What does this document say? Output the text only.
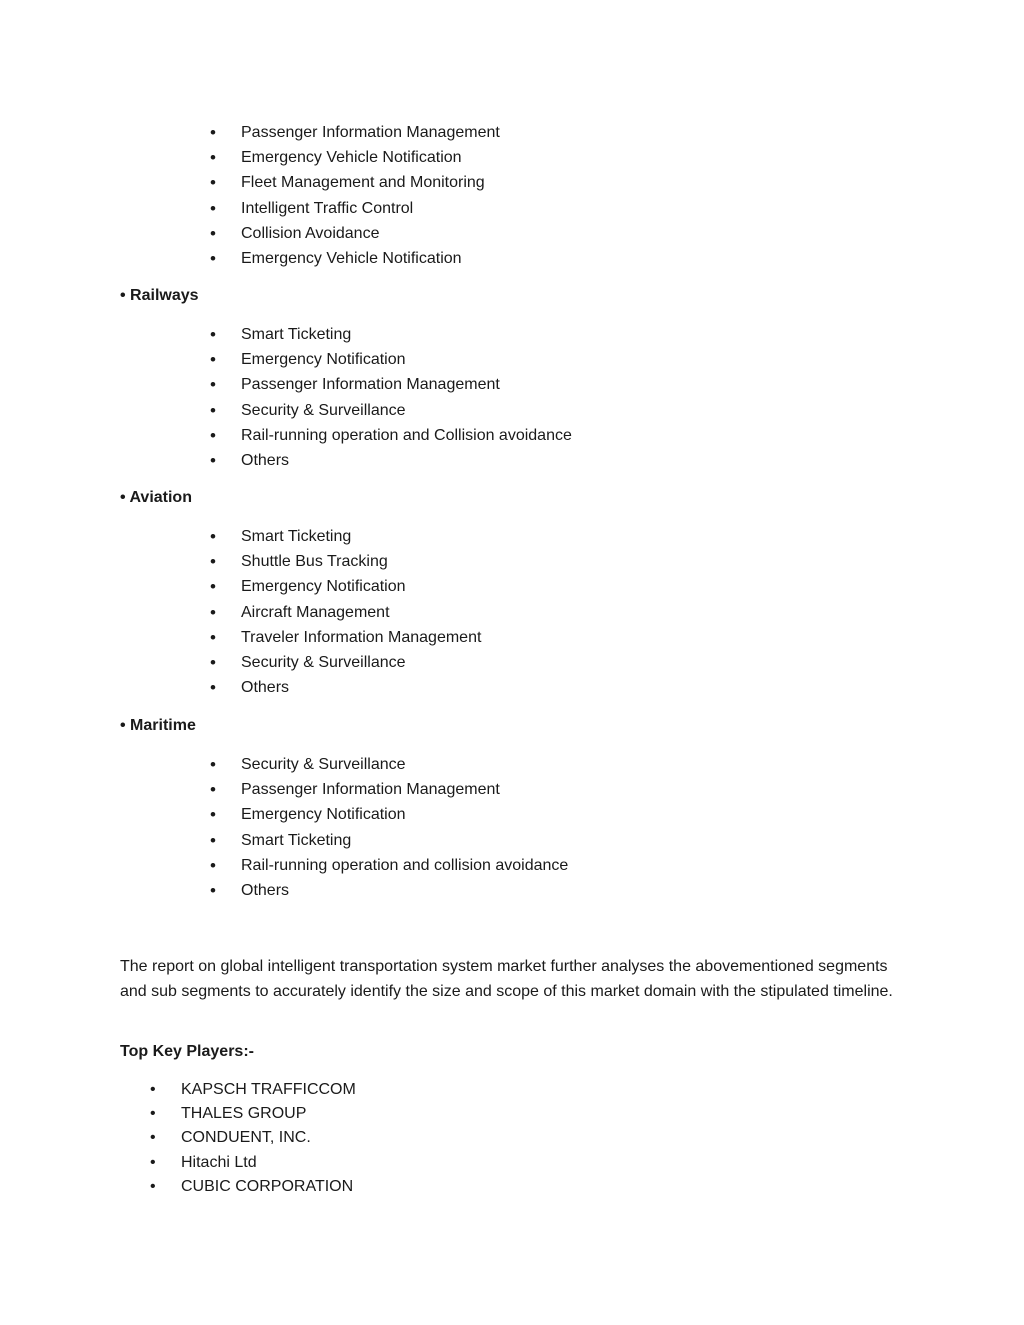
•	Passenger Information Management
•	Emergency Vehicle Notification
•	Fleet Management and Monitoring
•	Intelligent Traffic Control
•	Collision Avoidance
•	Emergency Vehicle Notification

• Railways

•	Smart Ticketing
•	Emergency Notification
•	Passenger Information Management
•	Security & Surveillance
•	Rail-running operation and Collision avoidance
•	Others

• Aviation

•	Smart Ticketing
•	Shuttle Bus Tracking
•	Emergency Notification
•	Aircraft Management
•	Traveler Information Management
•	Security & Surveillance
•	Others

• Maritime

•	Security & Surveillance
•	Passenger Information Management
•	Emergency Notification
•	Smart Ticketing
•	Rail-running operation and collision avoidance
•	Others

The report on global intelligent transportation system market further analyses the abovementioned segments and sub segments to accurately identify the size and scope of this market domain with the stipulated timeline.

Top Key Players:-

•	KAPSCH TRAFFICCOM
•	THALES GROUP
•	CONDUENT, INC.
•	Hitachi Ltd
•	CUBIC CORPORATION
